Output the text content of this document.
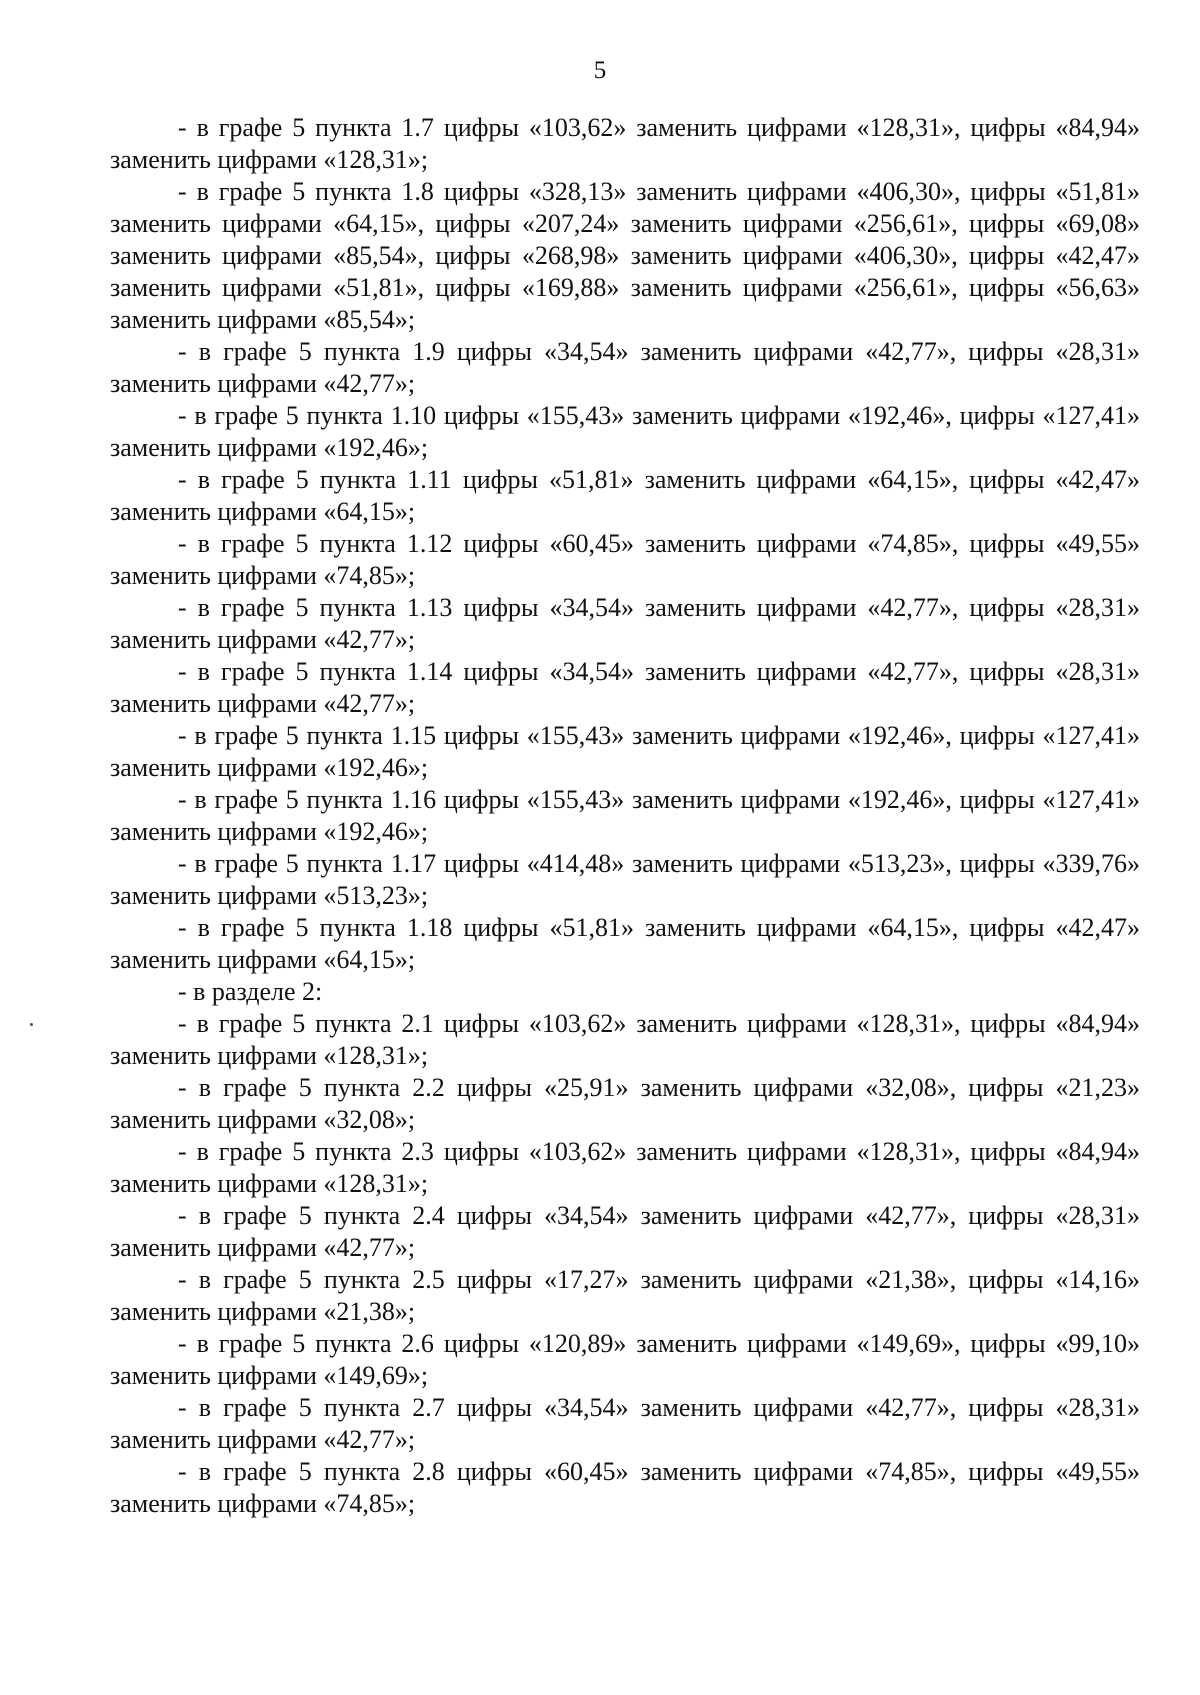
5

- в графе 5 пункта 1.7 цифры «103,62» заменить цифрами «128,31», цифры «84,94» заменить цифрами «128,31»;

- в графе 5 пункта 1.8 цифры «328,13» заменить цифрами «406,30», цифры «51,81» заменить цифрами «64,15», цифры «207,24» заменить цифрами «256,61», цифры «69,08» заменить цифрами «85,54», цифры «268,98» заменить цифрами «406,30», цифры «42,47» заменить цифрами «51,81», цифры «169,88» заменить цифрами «256,61», цифры «56,63» заменить цифрами «85,54»;

- в графе 5 пункта 1.9 цифры «34,54» заменить цифрами «42,77», цифры «28,31» заменить цифрами «42,77»;

- в графе 5 пункта 1.10 цифры «155,43» заменить цифрами «192,46», цифры «127,41» заменить цифрами «192,46»;

- в графе 5 пункта 1.11 цифры «51,81» заменить цифрами «64,15», цифры «42,47» заменить цифрами «64,15»;

- в графе 5 пункта 1.12 цифры «60,45» заменить цифрами «74,85», цифры «49,55» заменить цифрами «74,85»;

- в графе 5 пункта 1.13 цифры «34,54» заменить цифрами «42,77», цифры «28,31» заменить цифрами «42,77»;

- в графе 5 пункта 1.14 цифры «34,54» заменить цифрами «42,77», цифры «28,31» заменить цифрами «42,77»;

- в графе 5 пункта 1.15 цифры «155,43» заменить цифрами «192,46», цифры «127,41» заменить цифрами «192,46»;

- в графе 5 пункта 1.16 цифры «155,43» заменить цифрами «192,46», цифры «127,41» заменить цифрами «192,46»;

- в графе 5 пункта 1.17 цифры «414,48» заменить цифрами «513,23», цифры «339,76» заменить цифрами «513,23»;

- в графе 5 пункта 1.18 цифры «51,81» заменить цифрами «64,15», цифры «42,47» заменить цифрами «64,15»;

- в разделе 2:

- в графе 5 пункта 2.1 цифры «103,62» заменить цифрами «128,31», цифры «84,94» заменить цифрами «128,31»;

- в графе 5 пункта 2.2 цифры «25,91» заменить цифрами «32,08», цифры «21,23» заменить цифрами «32,08»;

- в графе 5 пункта 2.3 цифры «103,62» заменить цифрами «128,31», цифры «84,94» заменить цифрами «128,31»;

- в графе 5 пункта 2.4 цифры «34,54» заменить цифрами «42,77», цифры «28,31» заменить цифрами «42,77»;

- в графе 5 пункта 2.5 цифры «17,27» заменить цифрами «21,38», цифры «14,16» заменить цифрами «21,38»;

- в графе 5 пункта 2.6 цифры «120,89» заменить цифрами «149,69», цифры «99,10» заменить цифрами «149,69»;

- в графе 5 пункта 2.7 цифры «34,54» заменить цифрами «42,77», цифры «28,31» заменить цифрами «42,77»;

- в графе 5 пункта 2.8 цифры «60,45» заменить цифрами «74,85», цифры «49,55» заменить цифрами «74,85»;
